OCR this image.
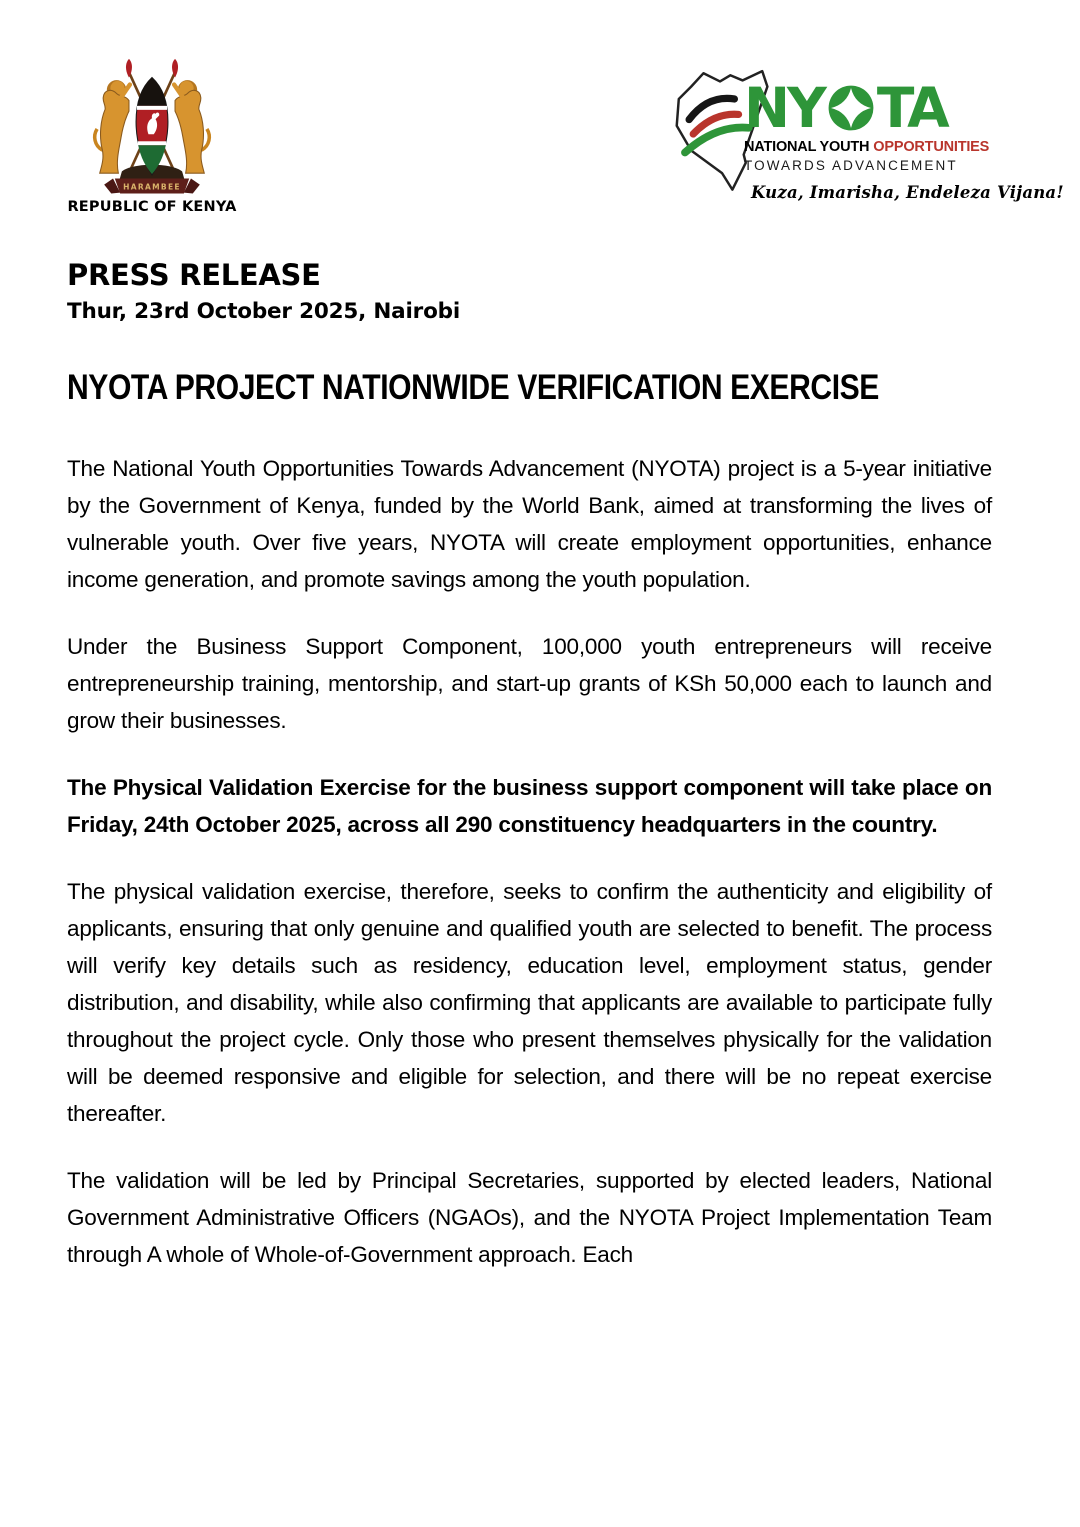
HARAMBEE
REPUBLIC OF KENYA
NY TA
NATIONAL YOUTH OPPORTUNITIES
TOWARDS ADVANCEMENT
Kuza, Imarisha, Endeleza Vijana!
PRESS RELEASE
Thur, 23rd October 2025, Nairobi
NYOTA PROJECT NATIONWIDE VERIFICATION EXERCISE

The National Youth Opportunities Towards Advancement (NYOTA) project is a 5-year initiative by the Government of Kenya, funded by the World Bank, aimed at transforming the lives of vulnerable youth. Over five years, NYOTA will create employment opportunities, enhance income generation, and promote savings among the youth population.

Under the Business Support Component, 100,000 youth entrepreneurs will receive entrepreneurship training, mentorship, and start-up grants of KSh 50,000 each to launch and grow their businesses.

The Physical Validation Exercise for the business support component will take place on Friday, 24th October 2025, across all 290 constituency headquarters in the country.

The physical validation exercise, therefore, seeks to confirm the authenticity and eligibility of applicants, ensuring that only genuine and qualified youth are selected to benefit. The process will verify key details such as residency, education level, employment status, gender distribution, and disability, while also confirming that applicants are available to participate fully throughout the project cycle. Only those who present themselves physically for the validation will be deemed responsive and eligible for selection, and there will be no repeat exercise thereafter.

The validation will be led by Principal Secretaries, supported by elected leaders, National Government Administrative Officers (NGAOs), and the NYOTA Project Implementation Team through A whole of Whole-of-Government approach. Each
